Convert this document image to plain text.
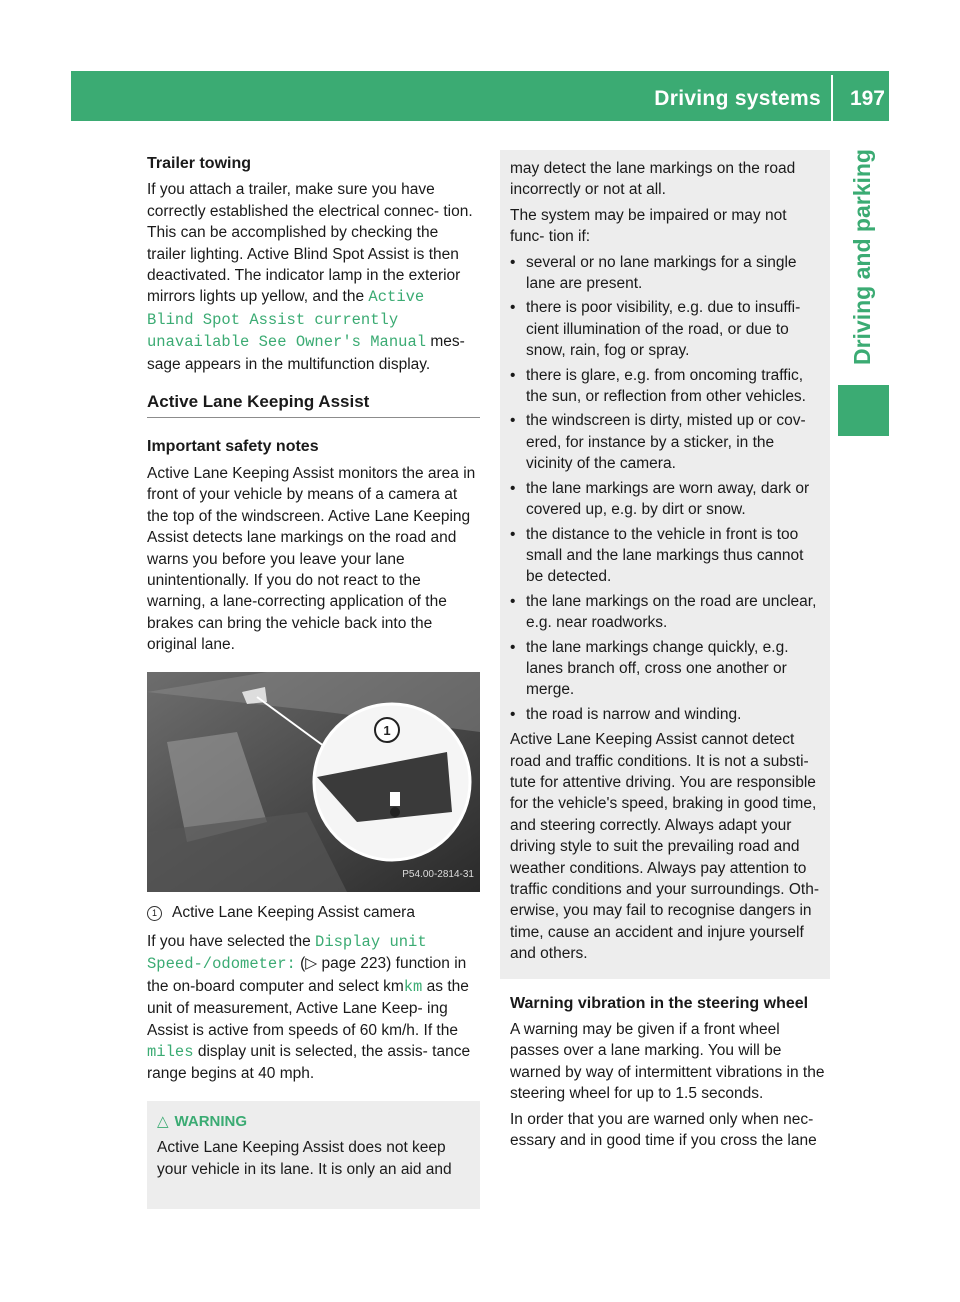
Driving systems 197
Driving and parking

Trailer towing

If you attach a trailer, make sure you have correctly established the electrical connec- tion. This can be accomplished by checking the trailer lighting. Active Blind Spot Assist is then deactivated. The indicator lamp in the exterior mirrors lights up yellow, and the Active Blind Spot Assist currently unavailable See Owner's Manual mes- sage appears in the multifunction display.

Active Lane Keeping Assist

Important safety notes

Active Lane Keeping Assist monitors the area in front of your vehicle by means of a camera at the top of the windscreen. Active Lane Keeping Assist detects lane markings on the road and warns you before you leave your lane unintentionally. If you do not react to the warning, a lane-correcting application of the brakes can bring the vehicle back into the original lane.

1
P54.00-2814-31

1 Active Lane Keeping Assist camera

If you have selected the Display unit Speed-/odometer: (▷ page 223) function in the on-board computer and select kmkm as the unit of measurement, Active Lane Keep- ing Assist is active from speeds of 60 km/h. If the miles display unit is selected, the assis- tance range begins at 40 mph.

△ WARNING

Active Lane Keeping Assist does not keep your vehicle in its lane. It is only an aid and

may detect the lane markings on the road incorrectly or not at all.

The system may be impaired or may not func- tion if:

• several or no lane markings for a single lane are present.
• there is poor visibility, e.g. due to insuffi- cient illumination of the road, or due to snow, rain, fog or spray.
• there is glare, e.g. from oncoming traffic, the sun, or reflection from other vehicles.
• the windscreen is dirty, misted up or cov- ered, for instance by a sticker, in the vicinity of the camera.
• the lane markings are worn away, dark or covered up, e.g. by dirt or snow.
• the distance to the vehicle in front is too small and the lane markings thus cannot be detected.
• the lane markings on the road are unclear, e.g. near roadworks.
• the lane markings change quickly, e.g. lanes branch off, cross one another or merge.
• the road is narrow and winding.

Active Lane Keeping Assist cannot detect road and traffic conditions. It is not a substi- tute for attentive driving. You are responsible for the vehicle's speed, braking in good time, and steering correctly. Always adapt your driving style to suit the prevailing road and weather conditions. Always pay attention to traffic conditions and your surroundings. Oth- erwise, you may fail to recognise dangers in time, cause an accident and injure yourself and others.

Warning vibration in the steering wheel

A warning may be given if a front wheel passes over a lane marking. You will be warned by way of intermittent vibrations in the steering wheel for up to 1.5 seconds.

In order that you are warned only when nec- essary and in good time if you cross the lane
